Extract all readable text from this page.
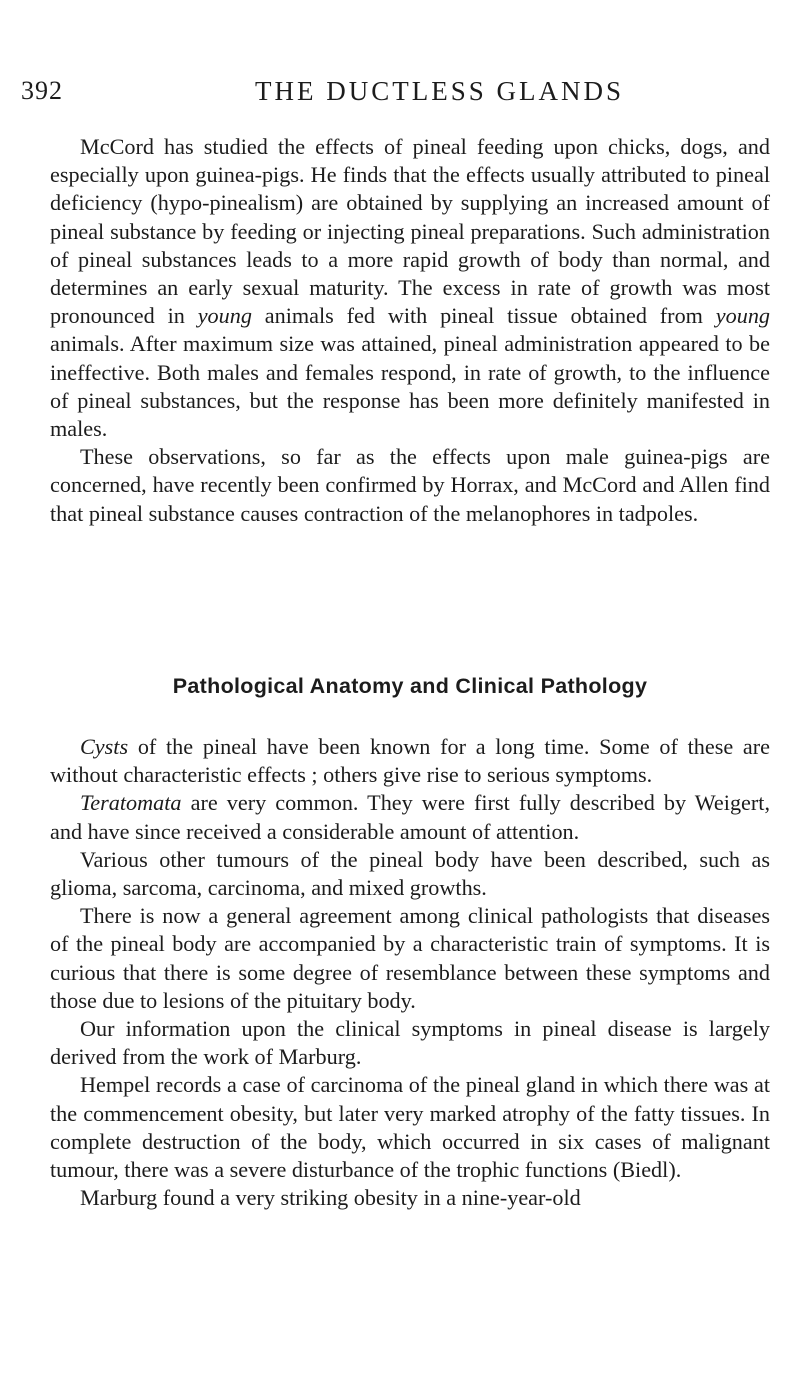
392	THE DUCTLESS GLANDS

McCord has studied the effects of pineal feeding upon chicks, dogs, and especially upon guinea-pigs. He finds that the effects usually attributed to pineal deficiency (hypo-pinealism) are obtained by supplying an increased amount of pineal substance by feeding or injecting pineal preparations. Such administration of pineal substances leads to a more rapid growth of body than normal, and determines an early sexual maturity. The excess in rate of growth was most pronounced in young animals fed with pineal tissue obtained from young animals. After maximum size was attained, pineal administration appeared to be ineffective. Both males and females respond, in rate of growth, to the influence of pineal substances, but the response has been more definitely manifested in males.

These observations, so far as the effects upon male guinea-pigs are concerned, have recently been confirmed by Horrax, and McCord and Allen find that pineal substance causes contraction of the melanophores in tadpoles.

Pathological Anatomy and Clinical Pathology

Cysts of the pineal have been known for a long time. Some of these are without characteristic effects ; others give rise to serious symptoms.

Teratomata are very common. They were first fully described by Weigert, and have since received a considerable amount of attention.

Various other tumours of the pineal body have been described, such as glioma, sarcoma, carcinoma, and mixed growths.

There is now a general agreement among clinical pathologists that diseases of the pineal body are accompanied by a characteristic train of symptoms. It is curious that there is some degree of resemblance between these symptoms and those due to lesions of the pituitary body.

Our information upon the clinical symptoms in pineal disease is largely derived from the work of Marburg.

Hempel records a case of carcinoma of the pineal gland in which there was at the commencement obesity, but later very marked atrophy of the fatty tissues. In complete destruction of the body, which occurred in six cases of malignant tumour, there was a severe disturbance of the trophic functions (Biedl).

Marburg found a very striking obesity in a nine-year-old
